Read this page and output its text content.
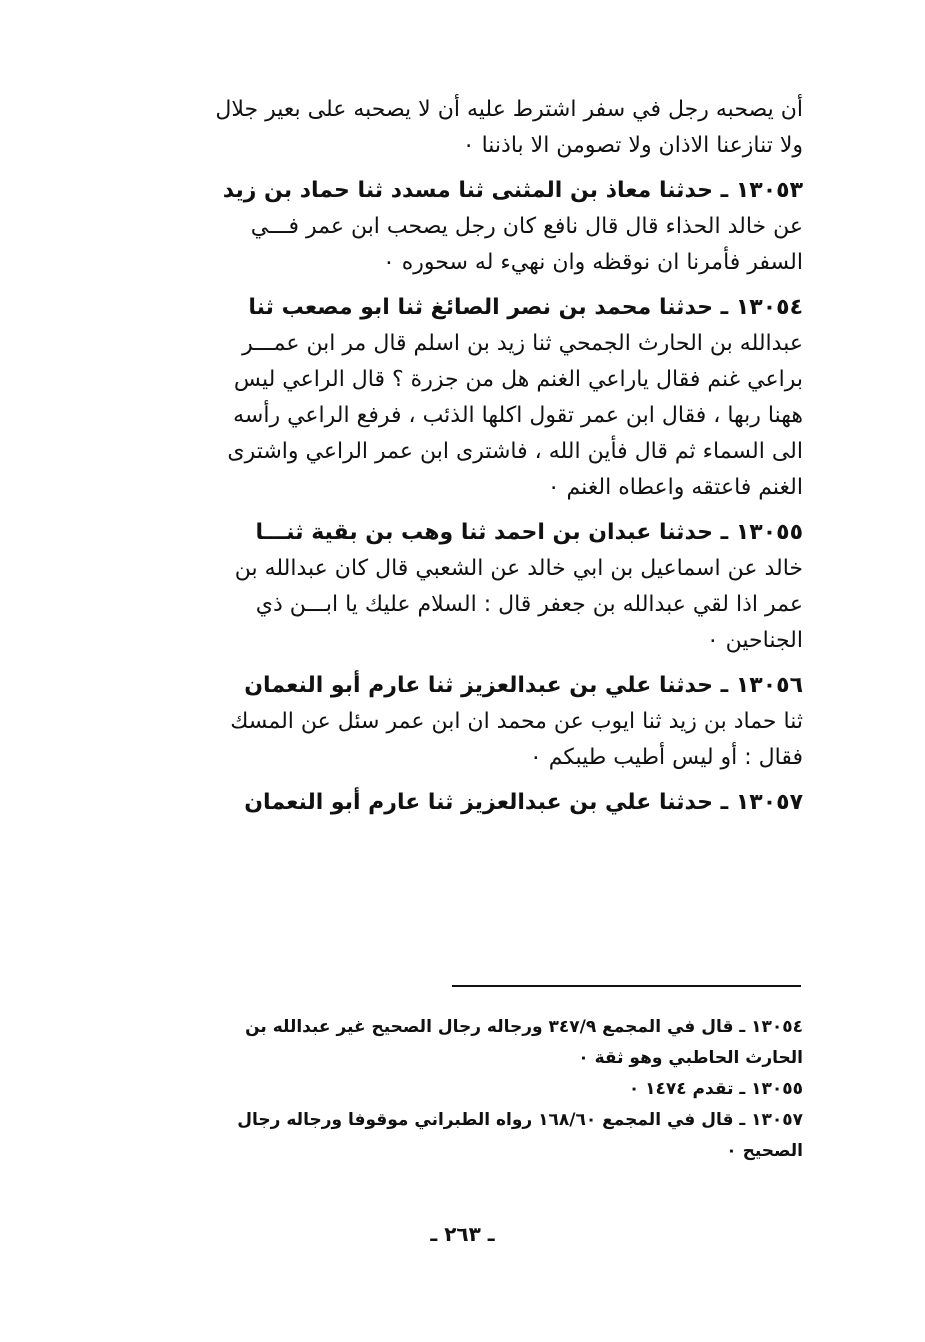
أن يصحبه رجل في سفر اشترط عليه أن لا يصحبه على بعير جلال
ولا تنازعنا الاذان ولا تصومن الا باذننا ٠

١٣٠٥٣ ـ حدثنا معاذ بن المثنى ثنا مسدد ثنا حماد بن زيد
عن خالد الحذاء قال قال نافع كان رجل يصحب ابن عمر فـــي
السفر فأمرنا ان نوقظه وان نهيء له سحوره ٠

١٣٠٥٤ ـ حدثنا محمد بن نصر الصائغ ثنا ابو مصعب ثنا
عبدالله بن الحارث الجمحي ثنا زيد بن اسلم قال مر ابن عمـــر
براعي غنم فقال ياراعي الغنم هل من جزرة ؟ قال الراعي ليس
ههنا ربها ، فقال ابن عمر تقول اكلها الذئب ، فرفع الراعي رأسه
الى السماء ثم قال فأين الله ، فاشترى ابن عمر الراعي واشترى
الغنم فاعتقه واعطاه الغنم ٠

١٣٠٥٥ ـ حدثنا عبدان بن احمد ثنا وهب بن بقية ثنـــا
خالد عن اسماعيل بن ابي خالد عن الشعبي قال كان عبدالله بن
عمر اذا لقي عبدالله بن جعفر قال : السلام عليك يا ابـــن ذي
الجناحين ٠

١٣٠٥٦ ـ حدثنا علي بن عبدالعزيز ثنا عارم أبو النعمان
ثنا حماد بن زيد ثنا ايوب عن محمد ان ابن عمر سئل عن المسك
فقال : أو ليس أطيب طيبكم ٠

١٣٠٥٧ ـ حدثنا علي بن عبدالعزيز ثنا عارم أبو النعمان

١٣٠٥٤ ـ قال في المجمع ٣٤٧/٩ ورجاله رجال الصحيح غير عبدالله بن
الحارث الحاطبي وهو ثقة ٠
١٣٠٥٥ ـ تقدم ١٤٧٤ ٠
١٣٠٥٧ ـ قال في المجمع ١٦٨/٦٠ رواه الطبراني موقوفا ورجاله رجال
الصحيح ٠
ـ ٢٦٣ ـ
